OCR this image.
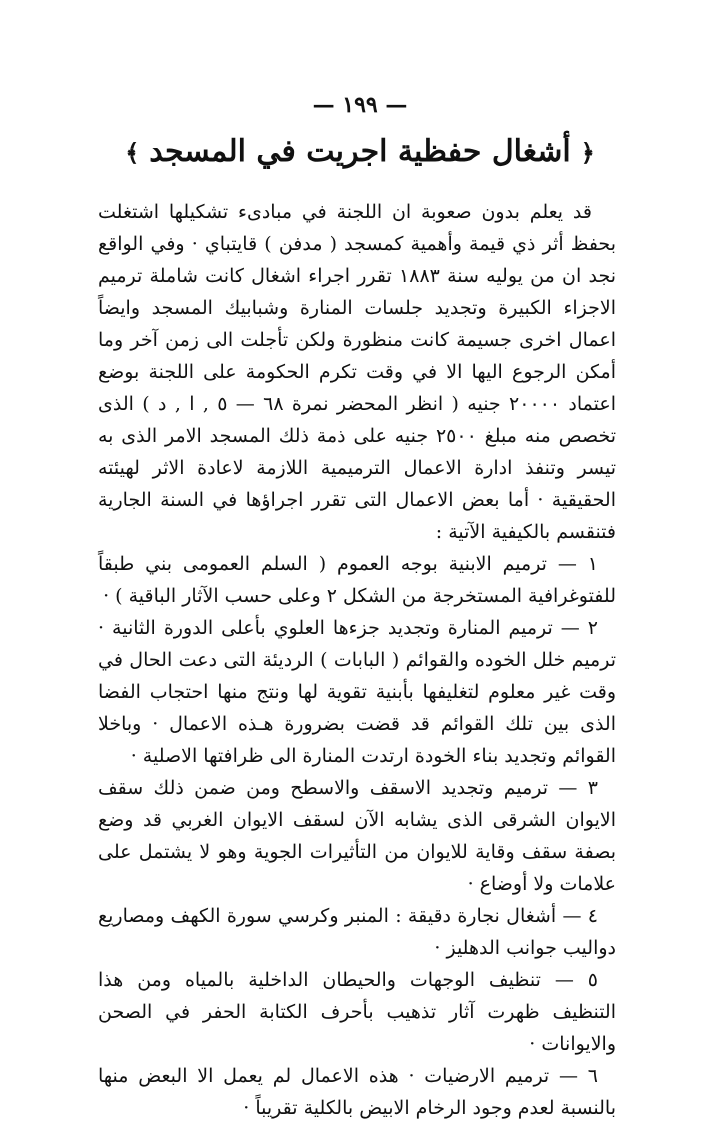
— ١٩٩ —
﴿أشغال حفظية اجريت في المسجد﴾

قد يعلم بدون صعوبة ان اللجنة في مبادىء تشكيلها اشتغلت بحفظ أثر ذي قيمة وأهمية كمسجد ( مدفن ) قايتباي · وفي الواقع نجد ان من يوليه سنة ١٨٨٣ تقرر اجراء اشغال كانت شاملة ترميم الاجزاء الكبيرة وتجديد جلسات المنارة وشبابيك المسجد وايضاً اعمال اخرى جسيمة كانت منظورة ولكن تأجلت الى زمن آخر وما أمكن الرجوع اليها الا في وقت تكرم الحكومة على اللجنة بوضع اعتماد ٢٠٠٠٠ جنيه ( انظر المحضر نمرة ٦٨ — ٥ , ا , د ) الذى تخصص منه مبلغ ٢٥٠٠ جنيه على ذمة ذلك المسجد الامر الذى به تيسر وتنفذ ادارة الاعمال الترميمية اللازمة لاعادة الاثر لهيئته الحقيقية · أما بعض الاعمال التى تقرر اجراؤها في السنة الجارية فتنقسم بالكيفية الآتية :

١ — ترميم الابنية بوجه العموم ( السلم العمومى بني طبقاً للفتوغرافية المستخرجة من الشكل ٢ وعلى حسب الآثار الباقية ) ·

٢ — ترميم المنارة وتجديد جزءها العلوي بأعلى الدورة الثانية · ترميم خلل الخوده والقوائم ( البابات ) الرديئة التى دعت الحال في وقت غير معلوم لتغليفها بأبنية تقوية لها ونتج منها احتجاب الفضا الذى بين تلك القوائم قد قضت بضرورة هـذه الاعمال · وباخلا القوائم وتجديد بناء الخودة ارتدت المنارة الى ظرافتها الاصلية ·

٣ — ترميم وتجديد الاسقف والاسطح ومن ضمن ذلك سقف الايوان الشرقى الذى يشابه الآن لسقف الايوان الغربي قد وضع بصفة سقف وقاية للايوان من التأثيرات الجوية وهو لا يشتمل على علامات ولا أوضاع ·

٤ — أشغال نجارة دقيقة : المنبر وكرسي سورة الكهف ومصاريع دواليب جوانب الدهليز ·

٥ — تنظيف الوجهات والحيطان الداخلية بالمياه ومن هذا التنظيف ظهرت آثار تذهيب بأحرف الكتابة الحفر في الصحن والايوانات ·

٦ — ترميم الارضيات · هذه الاعمال لم يعمل الا البعض منها بالنسبة لعدم وجود الرخام الابيض بالكلية تقريباً ·
